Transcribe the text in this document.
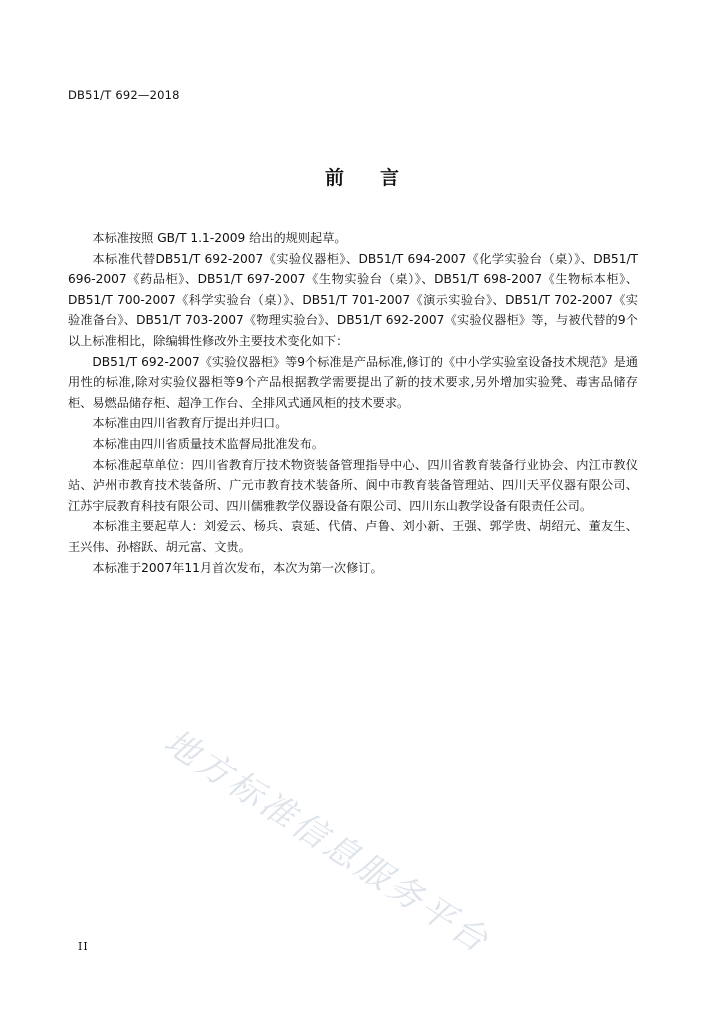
DB51/T 692—2018
前言

本标准按照 GB/T 1.1-2009 给出的规则起草。

本标准代替DB51/T 692-2007《实验仪器柜》、DB51/T 694-2007《化学实验台（桌）》、DB51/T 696-2007《药品柜》、DB51/T 697-2007《生物实验台（桌）》、DB51/T 698-2007《生物标本柜》、DB51/T 700-2007《科学实验台（桌）》、DB51/T 701-2007《演示实验台》、DB51/T 702-2007《实验准备台》、DB51/T 703-2007《物理实验台》、DB51/T 692-2007《实验仪器柜》等，与被代替的9个以上标准相比，除编辑性修改外主要技术变化如下：

DB51/T 692-2007《实验仪器柜》等9个标准是产品标准,修订的《中小学实验室设备技术规范》是通用性的标准,除对实验仪器柜等9个产品根据教学需要提出了新的技术要求,另外增加实验凳、毒害品储存柜、易燃品储存柜、超净工作台、全排风式通风柜的技术要求。

本标准由四川省教育厅提出并归口。

本标准由四川省质量技术监督局批准发布。

本标准起草单位：四川省教育厅技术物资装备管理指导中心、四川省教育装备行业协会、内江市教仪站、泸州市教育技术装备所、广元市教育技术装备所、阆中市教育装备管理站、四川天平仪器有限公司、江苏宇辰教育科技有限公司、四川儒雅教学仪器设备有限公司、四川东山教学设备有限责任公司。

本标准主要起草人：刘爱云、杨兵、袁延、代倩、卢鲁、刘小新、王强、郭学贵、胡绍元、董友生、王兴伟、孙榕跃、胡元富、文贵。

本标准于2007年11月首次发布，本次为第一次修订。

地方标准信息服务平台
II
